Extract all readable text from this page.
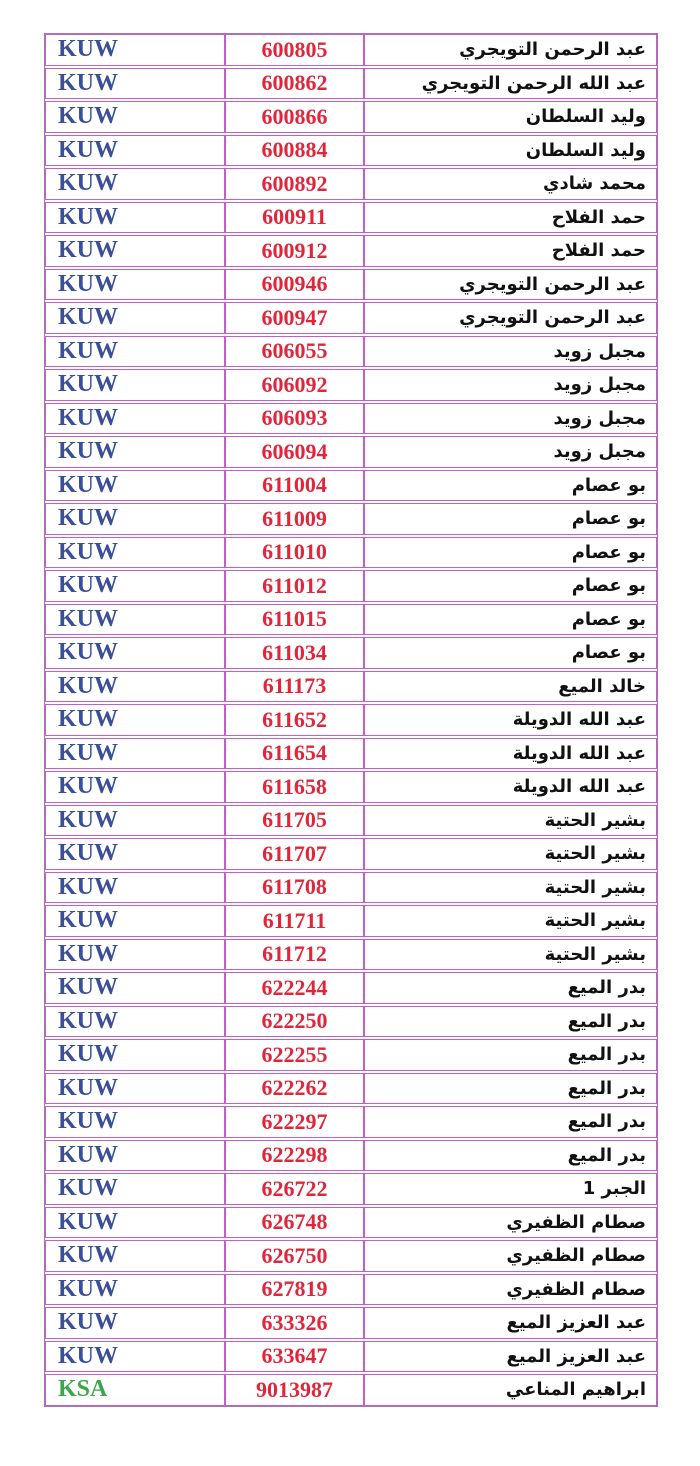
KUW	600805	عبد الرحمن التويجري
KUW	600862	عبد الله الرحمن التويجري
KUW	600866	وليد السلطان
KUW	600884	وليد السلطان
KUW	600892	محمد شادي
KUW	600911	حمد الفلاح
KUW	600912	حمد الفلاح
KUW	600946	عبد الرحمن التويجري
KUW	600947	عبد الرحمن التويجري
KUW	606055	مجبل زويد
KUW	606092	مجبل زويد
KUW	606093	مجبل زويد
KUW	606094	مجبل زويد
KUW	611004	بو عصام
KUW	611009	بو عصام
KUW	611010	بو عصام
KUW	611012	بو عصام
KUW	611015	بو عصام
KUW	611034	بو عصام
KUW	611173	خالد الميع
KUW	611652	عبد الله الدويلة
KUW	611654	عبد الله الدويلة
KUW	611658	عبد الله الدويلة
KUW	611705	بشير الحتية
KUW	611707	بشير الحتية
KUW	611708	بشير الحتية
KUW	611711	بشير الحتية
KUW	611712	بشير الحتية
KUW	622244	بدر الميع
KUW	622250	بدر الميع
KUW	622255	بدر الميع
KUW	622262	بدر الميع
KUW	622297	بدر الميع
KUW	622298	بدر الميع
KUW	626722	الجبر 1
KUW	626748	صطام الظفيري
KUW	626750	صطام الظفيري
KUW	627819	صطام الظفيري
KUW	633326	عبد العزيز الميع
KUW	633647	عبد العزيز الميع
KSA	9013987	ابراهيم المناعي
